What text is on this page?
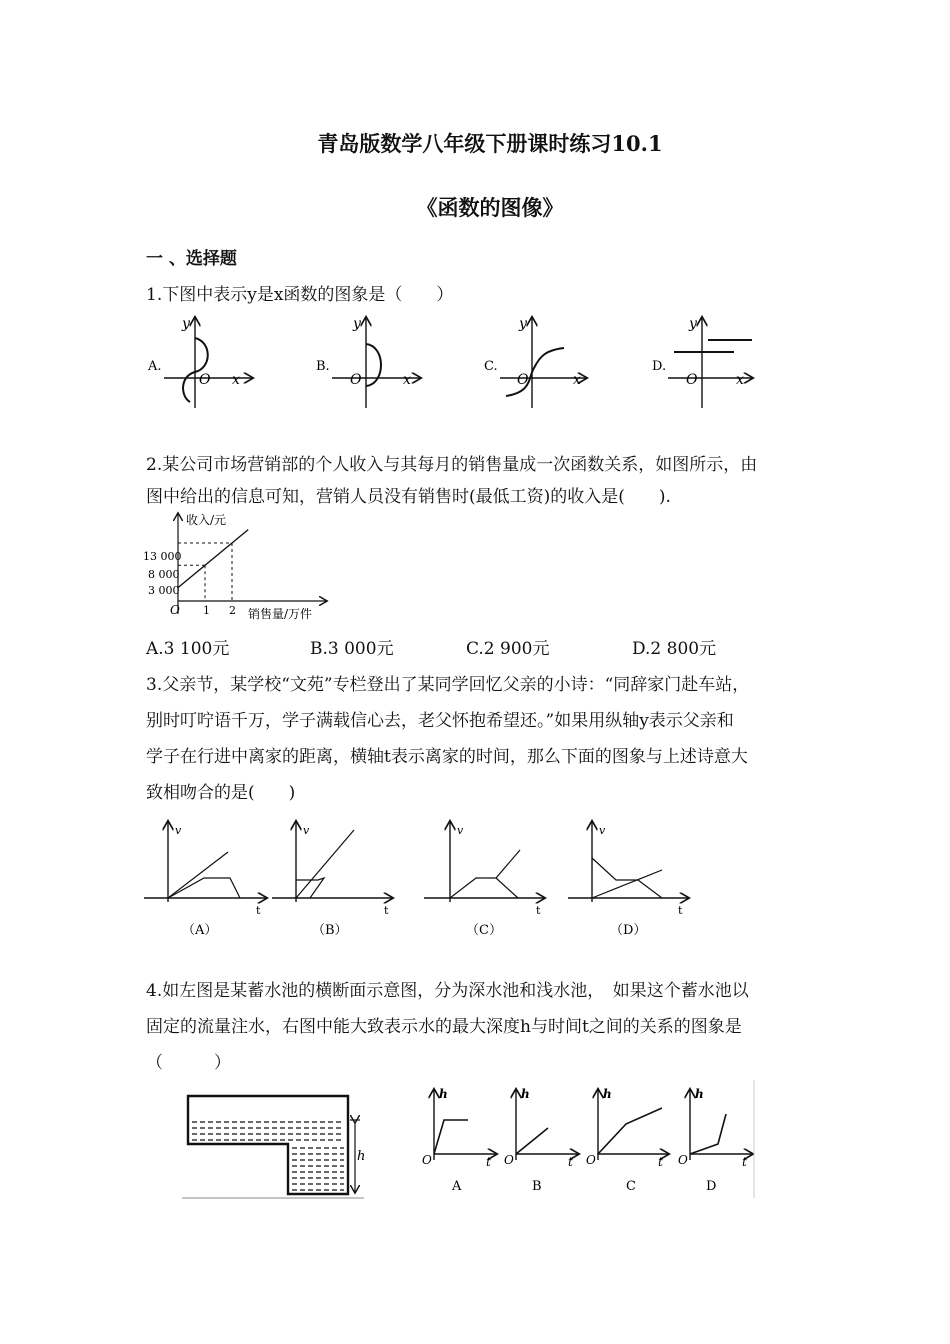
青岛版数学八年级下册课时练习10.1
《函数的图像》
一 、选择题
1.下图中表示y是x函数的图象是（　　）
A.
y
O x
B.
y
O	x
C.
y
O	x
D.
y
O	x
2.某公司市场营销部的个人收入与其每月的销售量成一次函数关系，如图所示，由
图中给出的信息可知，营销人员没有销售时(最低工资)的收入是(　　).
收入/元
销售量/万件
13 000
8 000
3 000
1 2
O
A.3 100元	B.3 000元	C.2 900元	D.2 800元
3.父亲节，某学校“文苑”专栏登出了某同学回忆父亲的小诗：“同辞家门赴车站，
别时叮咛语千万，学子满载信心去，老父怀抱希望还。”如果用纵轴y表示父亲和
学子在行进中离家的距离，横轴t表示离家的时间，那么下面的图象与上述诗意大
致相吻合的是(　　)
v
t
（A）
v
t
（B）
v
t
（C）
v
t
（D）
4.如左图是某蓄水池的横断面示意图，分为深水池和浅水池，　如果这个蓄水池以
固定的流量注水，右图中能大致表示水的最大深度h与时间t之间的关系的图象是
（　　　）
h
h
O	t
A
h
O	t
B
h
O	t
C
h
O	t
D
